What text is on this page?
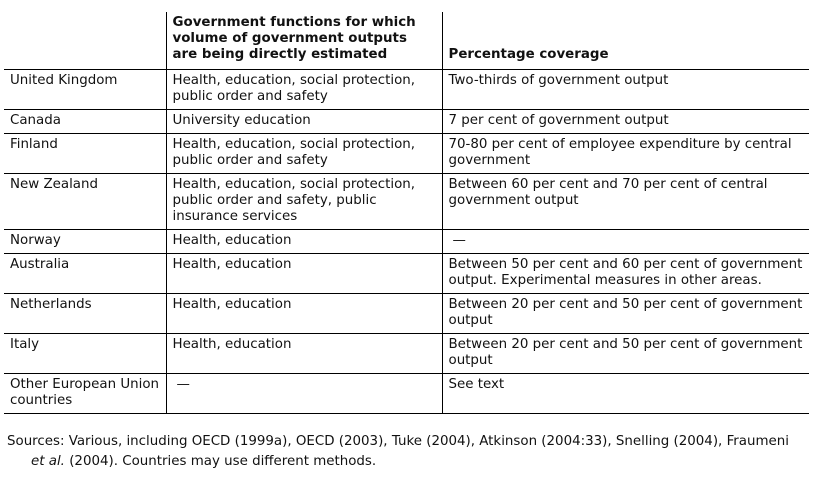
	Government functions for which volume of government outputs are being directly estimated	Percentage coverage
United Kingdom	Health, education, social protection, public order and safety	Two-thirds of government output
Canada	University education	7 per cent of government output
Finland	Health, education, social protection, public order and safety	70-80 per cent of employee expenditure by central government
New Zealand	Health, education, social protection, public order and safety, public insurance services	Between 60 per cent and 70 per cent of central government output
Norway	Health, education	—
Australia	Health, education	Between 50 per cent and 60 per cent of government output. Experimental measures in other areas.
Netherlands	Health, education	Between 20 per cent and 50 per cent of government output
Italy	Health, education	Between 20 per cent and 50 per cent of government output
Other European Union countries	—	See text
Sources: Various, including OECD (1999a), OECD (2003), Tuke (2004), Atkinson (2004:33), Snelling (2004), Fraumeni
et al. (2004). Countries may use different methods.
